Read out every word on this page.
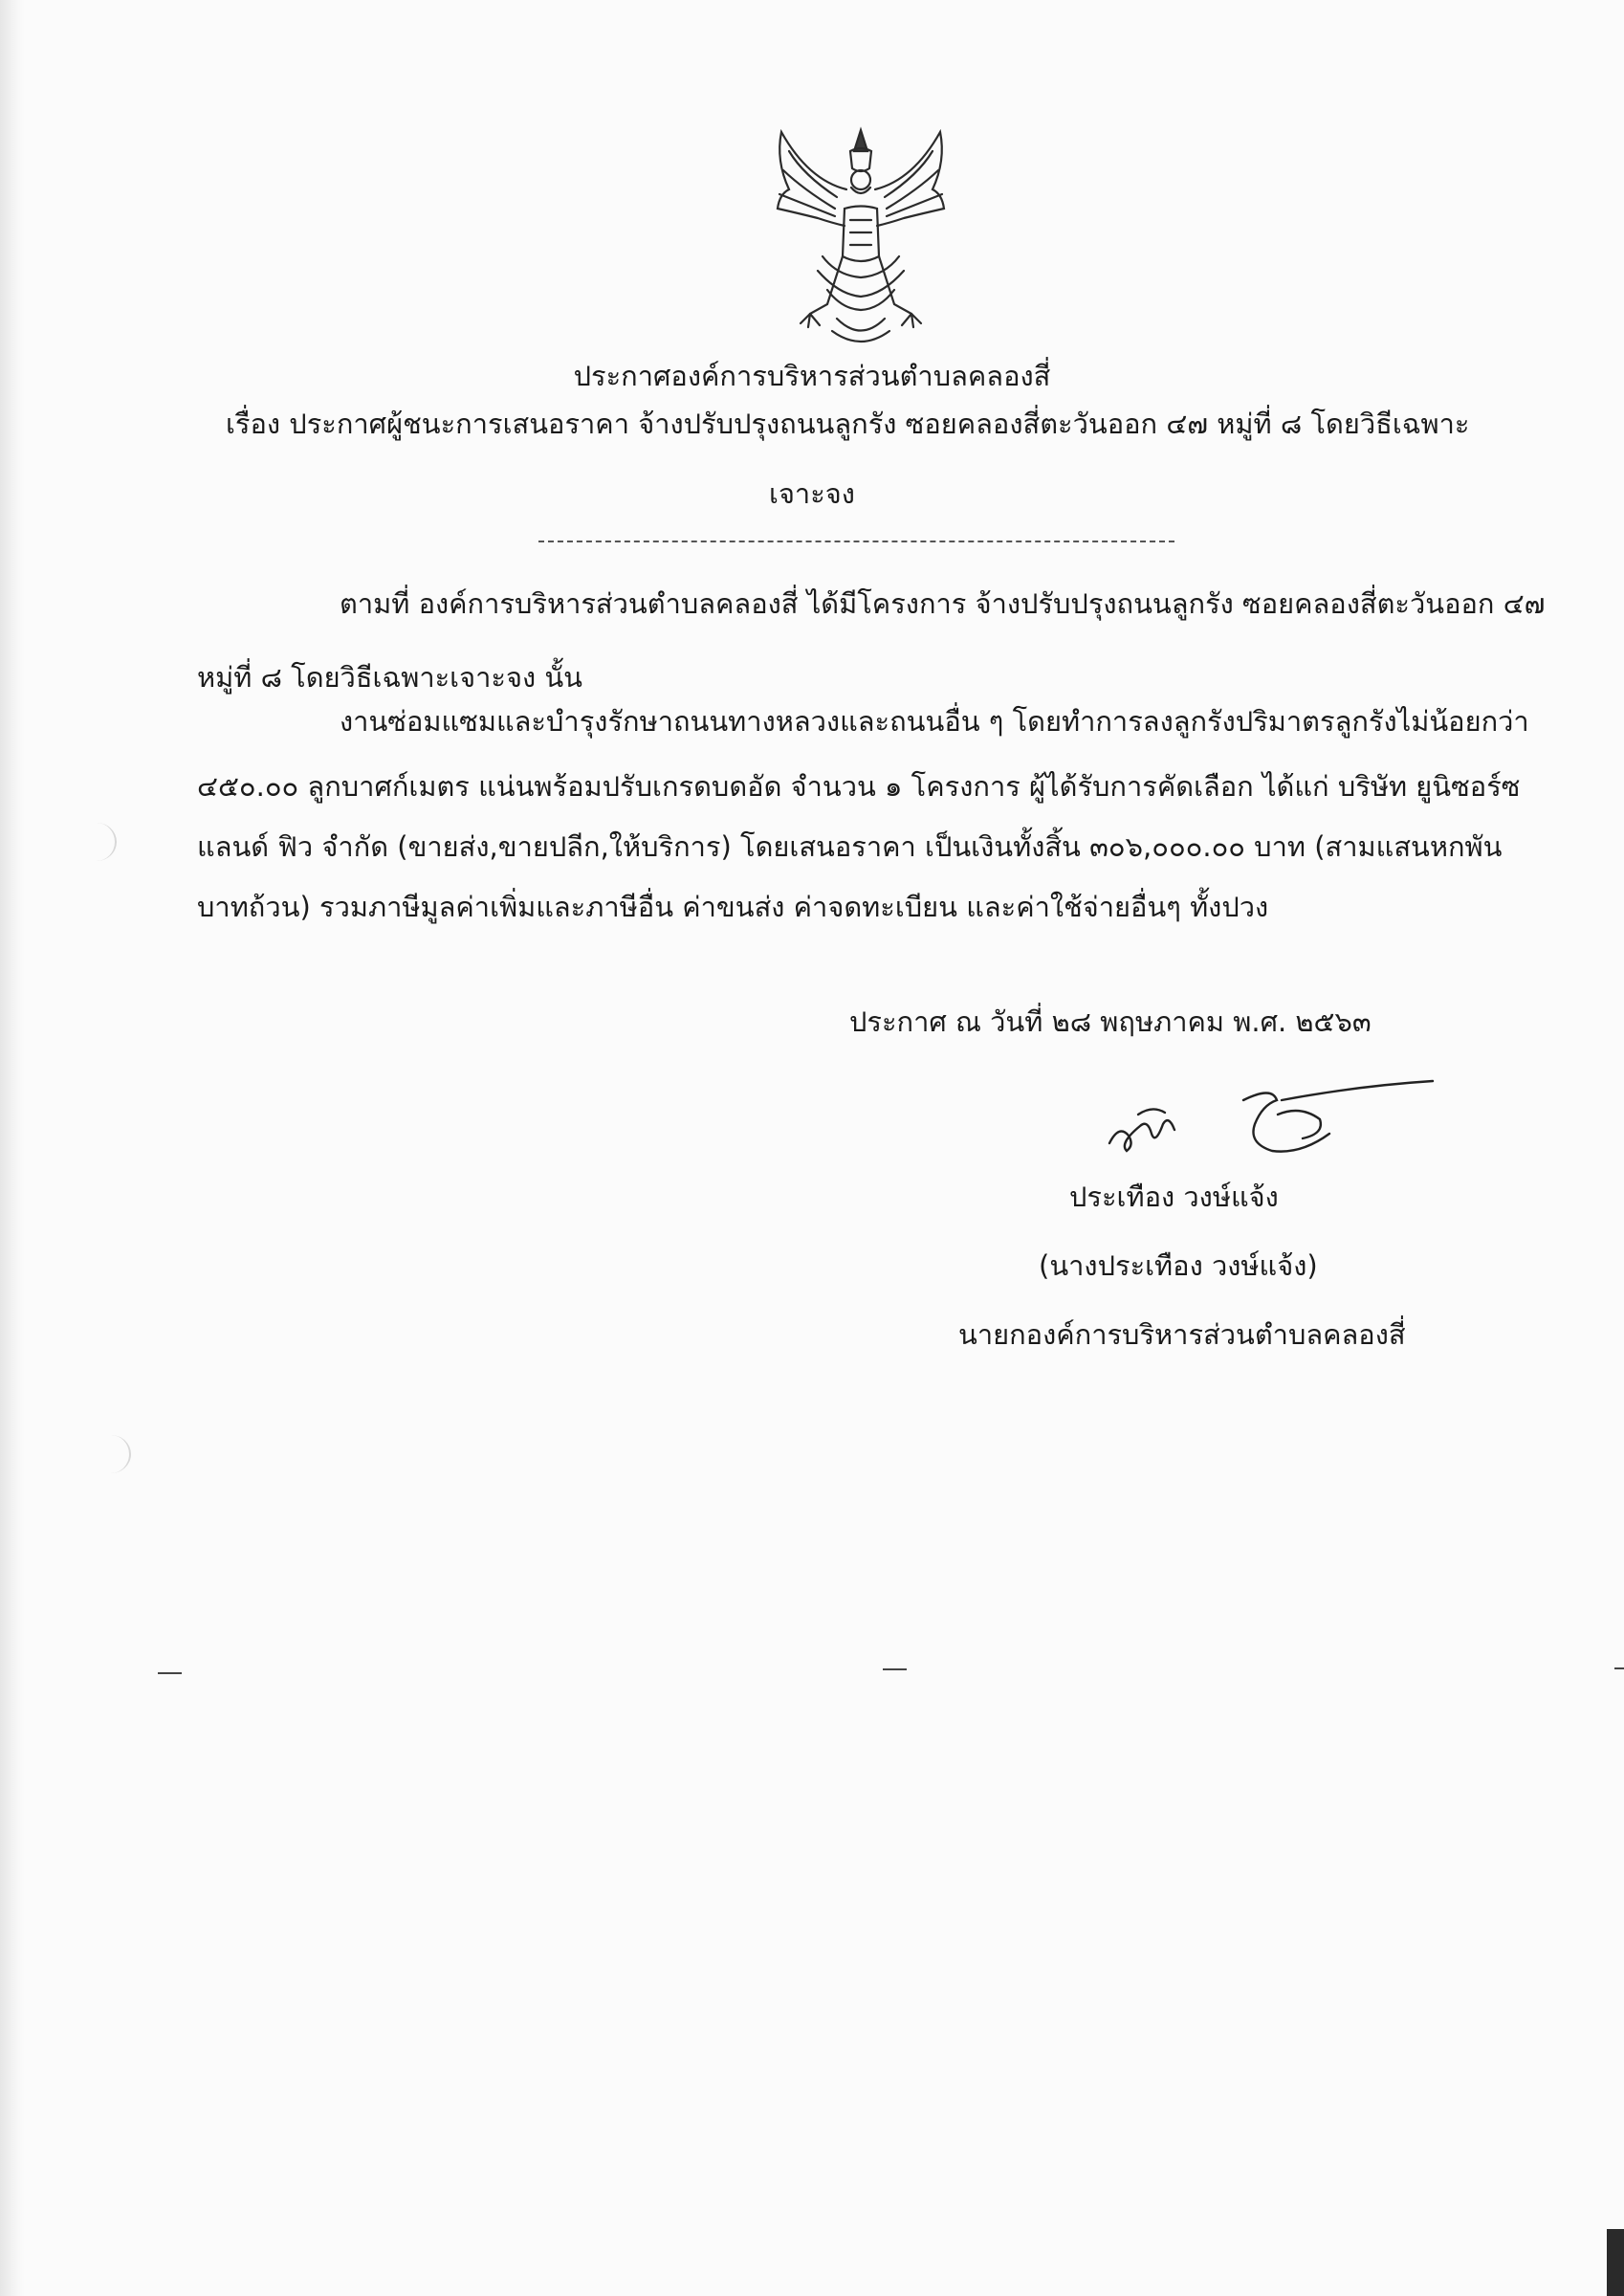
ประกาศองค์การบริหารส่วนตำบลคลองสี่
เรื่อง ประกาศผู้ชนะการเสนอราคา จ้างปรับปรุงถนนลูกรัง ซอยคลองสี่ตะวันออก ๔๗ หมู่ที่ ๘ โดยวิธีเฉพาะ
เจาะจง
ตามที่ องค์การบริหารส่วนตำบลคลองสี่ ได้มีโครงการ จ้างปรับปรุงถนนลูกรัง ซอยคลองสี่ตะวันออก ๔๗
หมู่ที่ ๘ โดยวิธีเฉพาะเจาะจง นั้น
งานซ่อมแซมและบำรุงรักษาถนนทางหลวงและถนนอื่น ๆ โดยทำการลงลูกรังปริมาตรลูกรังไม่น้อยกว่า
๔๕๐.๐๐ ลูกบาศก์เมตร แน่นพร้อมปรับเกรดบดอัด จำนวน ๑ โครงการ ผู้ได้รับการคัดเลือก ได้แก่ บริษัท ยูนิซอร์ซ
แลนด์ ฟิว จำกัด (ขายส่ง,ขายปลีก,ให้บริการ) โดยเสนอราคา เป็นเงินทั้งสิ้น ๓๐๖,๐๐๐.๐๐ บาท (สามแสนหกพัน
บาทถ้วน) รวมภาษีมูลค่าเพิ่มและภาษีอื่น ค่าขนส่ง ค่าจดทะเบียน และค่าใช้จ่ายอื่นๆ ทั้งปวง
ประกาศ ณ วันที่ ๒๘ พฤษภาคม พ.ศ. ๒๕๖๓
ประเทือง วงษ์แจ้ง
(นางประเทือง วงษ์แจ้ง)
นายกองค์การบริหารส่วนตำบลคลองสี่
